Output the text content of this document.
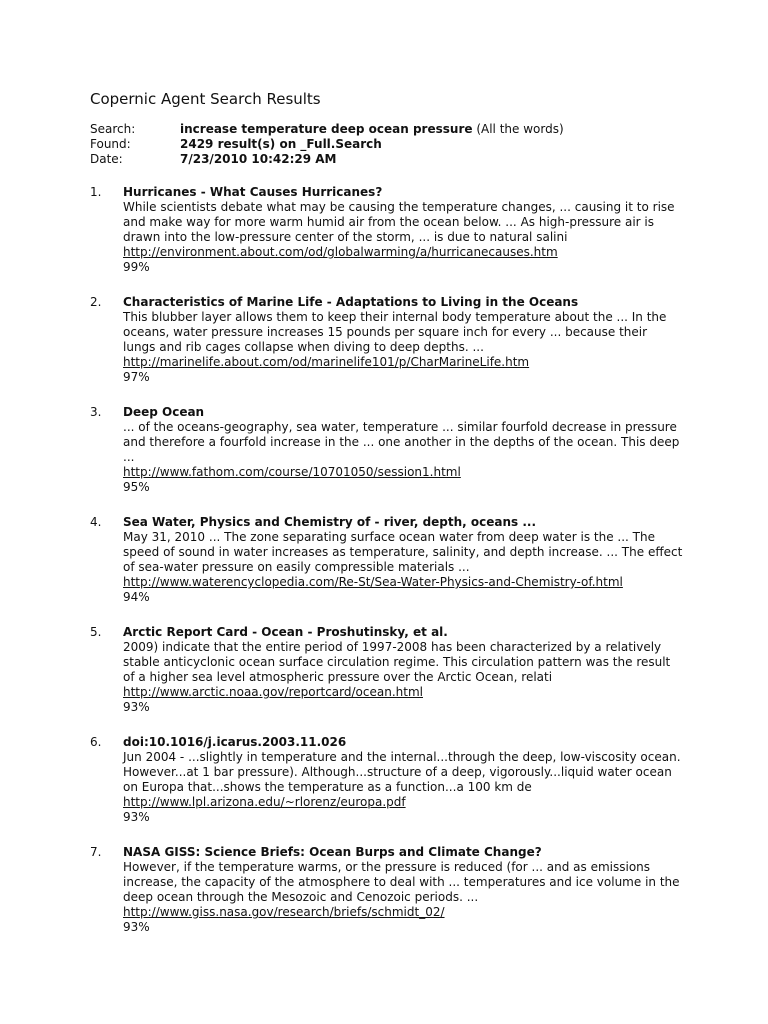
Copernic Agent Search Results
Search:	increase temperature deep ocean pressure (All the words)
Found:	2429 result(s) on _Full.Search
Date:	7/23/2010 10:42:29 AM
1.	Hurricanes - What Causes Hurricanes?
While scientists debate what may be causing the temperature changes, ... causing it to rise and make way for more warm humid air from the ocean below. ... As high-pressure air is drawn into the low-pressure center of the storm, ... is due to natural salini
http://environment.about.com/od/globalwarming/a/hurricanecauses.htm
99%
2.	Characteristics of Marine Life - Adaptations to Living in the Oceans
This blubber layer allows them to keep their internal body temperature about the ... In the oceans, water pressure increases 15 pounds per square inch for every ... because their lungs and rib cages collapse when diving to deep depths. ...
http://marinelife.about.com/od/marinelife101/p/CharMarineLife.htm
97%
3.	Deep Ocean
... of the oceans-geography, sea water, temperature ... similar fourfold decrease in pressure and therefore a fourfold increase in the ... one another in the depths of the ocean. This deep ...
http://www.fathom.com/course/10701050/session1.html
95%
4.	Sea Water, Physics and Chemistry of - river, depth, oceans ...
May 31, 2010 ... The zone separating surface ocean water from deep water is the ... The speed of sound in water increases as temperature, salinity, and depth increase. ... The effect of sea-water pressure on easily compressible materials ...
http://www.waterencyclopedia.com/Re-St/Sea-Water-Physics-and-Chemistry-of.html
94%
5.	Arctic Report Card - Ocean - Proshutinsky, et al.
2009) indicate that the entire period of 1997-2008 has been characterized by a relatively stable anticyclonic ocean surface circulation regime. This circulation pattern was the result of a higher sea level atmospheric pressure over the Arctic Ocean, relati
http://www.arctic.noaa.gov/reportcard/ocean.html
93%
6.	doi:10.1016/j.icarus.2003.11.026
Jun 2004 - ...slightly in temperature and the internal...through the deep, low-viscosity ocean. However...at 1 bar pressure). Although...structure of a deep, vigorously...liquid water ocean on Europa that...shows the temperature as a function...a 100 km de
http://www.lpl.arizona.edu/~rlorenz/europa.pdf
93%
7.	NASA GISS: Science Briefs: Ocean Burps and Climate Change?
However, if the temperature warms, or the pressure is reduced (for ... and as emissions increase, the capacity of the atmosphere to deal with ... temperatures and ice volume in the deep ocean through the Mesozoic and Cenozoic periods. ...
http://www.giss.nasa.gov/research/briefs/schmidt_02/
93%
